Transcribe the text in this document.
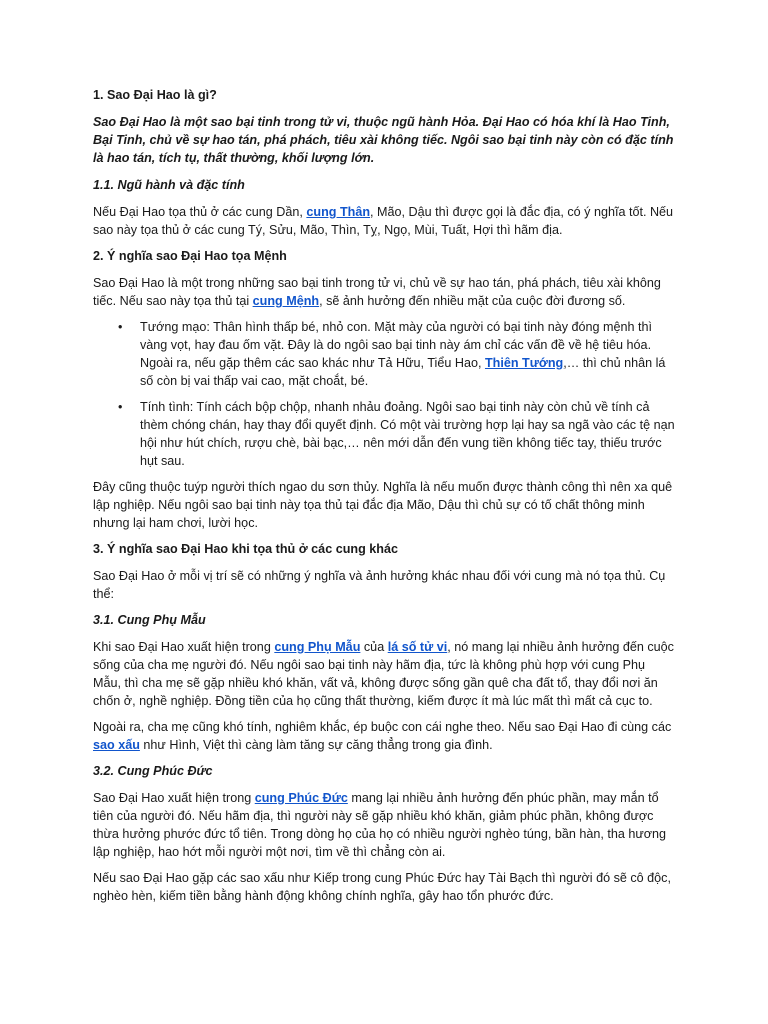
1. Sao Đại Hao là gì?

Sao Đại Hao là một sao bại tinh trong tử vi, thuộc ngũ hành Hỏa. Đại Hao có hóa khí là Hao Tinh, Bại Tinh, chủ về sự hao tán, phá phách, tiêu xài không tiếc. Ngôi sao bại tinh này còn có đặc tính là hao tán, tích tụ, thất thường, khối lượng lớn.

1.1. Ngũ hành và đặc tính

Nếu Đại Hao tọa thủ ở các cung Dần, cung Thân, Mão, Dậu thì được gọi là đắc địa, có ý nghĩa tốt. Nếu sao này tọa thủ ở các cung Tý, Sửu, Mão, Thìn, Tỵ, Ngọ, Mùi, Tuất, Hợi thì hãm địa.

2. Ý nghĩa sao Đại Hao tọa Mệnh

Sao Đại Hao là một trong những sao bại tinh trong tử vi, chủ về sự hao tán, phá phách, tiêu xài không tiếc. Nếu sao này tọa thủ tại cung Mệnh, sẽ ảnh hưởng đến nhiều mặt của cuộc đời đương số.

• Tướng mạo: Thân hình thấp bé, nhỏ con. Mặt mày của người có bại tinh này đóng mệnh thì vàng vọt, hay đau ốm vặt. Đây là do ngôi sao bại tinh này ám chỉ các vấn đề về hệ tiêu hóa. Ngoài ra, nếu gặp thêm các sao khác như Tả Hữu, Tiểu Hao, Thiên Tướng,… thì chủ nhân lá số còn bị vai thấp vai cao, mặt choắt, bé.
• Tính tình: Tính cách bộp chộp, nhanh nhảu đoảng. Ngôi sao bại tinh này còn chủ về tính cả thèm chóng chán, hay thay đổi quyết định. Có một vài trường hợp lại hay sa ngã vào các tệ nạn hội như hút chích, rượu chè, bài bạc,… nên mới dẫn đến vung tiền không tiếc tay, thiếu trước hụt sau.

Đây cũng thuộc tuýp người thích ngao du sơn thủy. Nghĩa là nếu muốn được thành công thì nên xa quê lập nghiệp. Nếu ngôi sao bại tinh này tọa thủ tại đắc địa Mão, Dậu thì chủ sự có tố chất thông minh nhưng lại ham chơi, lười học.

3. Ý nghĩa sao Đại Hao khi tọa thủ ở các cung khác

Sao Đại Hao ở mỗi vị trí sẽ có những ý nghĩa và ảnh hưởng khác nhau đối với cung mà nó tọa thủ. Cụ thể:

3.1. Cung Phụ Mẫu

Khi sao Đại Hao xuất hiện trong cung Phụ Mẫu của lá số tử vi, nó mang lại nhiều ảnh hưởng đến cuộc sống của cha mẹ người đó. Nếu ngôi sao bại tinh này hãm địa, tức là không phù hợp với cung Phụ Mẫu, thì cha mẹ sẽ gặp nhiều khó khăn, vất vả, không được sống gần quê cha đất tổ, thay đổi nơi ăn chốn ở, nghề nghiệp. Đồng tiền của họ cũng thất thường, kiếm được ít mà lúc mất thì mất cả cục to.

Ngoài ra, cha mẹ cũng khó tính, nghiêm khắc, ép buộc con cái nghe theo. Nếu sao Đại Hao đi cùng các sao xấu như Hình, Việt thì càng làm tăng sự căng thẳng trong gia đình.

3.2. Cung Phúc Đức

Sao Đại Hao xuất hiện trong cung Phúc Đức mang lại nhiều ảnh hưởng đến phúc phần, may mắn tổ tiên của người đó. Nếu hãm địa, thì người này sẽ gặp nhiều khó khăn, giảm phúc phần, không được thừa hưởng phước đức tổ tiên. Trong dòng họ của họ có nhiều người nghèo túng, bần hàn, tha hương lập nghiệp, hao hớt mỗi người một nơi, tìm về thì chẳng còn ai.

Nếu sao Đại Hao gặp các sao xấu như Kiếp trong cung Phúc Đức hay Tài Bạch thì người đó sẽ cô độc, nghèo hèn, kiếm tiền bằng hành động không chính nghĩa, gây hao tổn phước đức.
